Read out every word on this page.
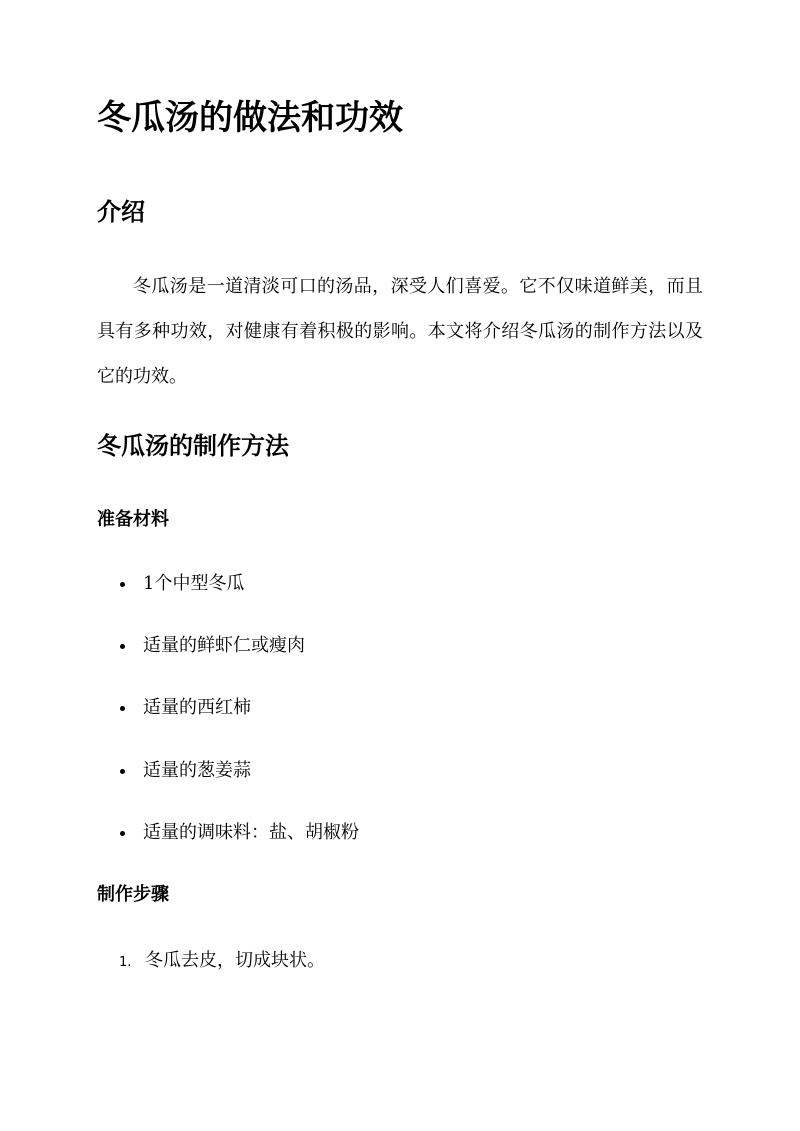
冬瓜汤的做法和功效
介绍

冬瓜汤是一道清淡可口的汤品，深受人们喜爱。它不仅味道鲜美，而且具有多种功效，对健康有着积极的影响。本文将介绍冬瓜汤的制作方法以及它的功效。

冬瓜汤的制作方法
准备材料
1个中型冬瓜
适量的鲜虾仁或瘦肉
适量的西红柿
适量的葱姜蒜
适量的调味料：盐、胡椒粉
制作步骤
1. 冬瓜去皮，切成块状。
